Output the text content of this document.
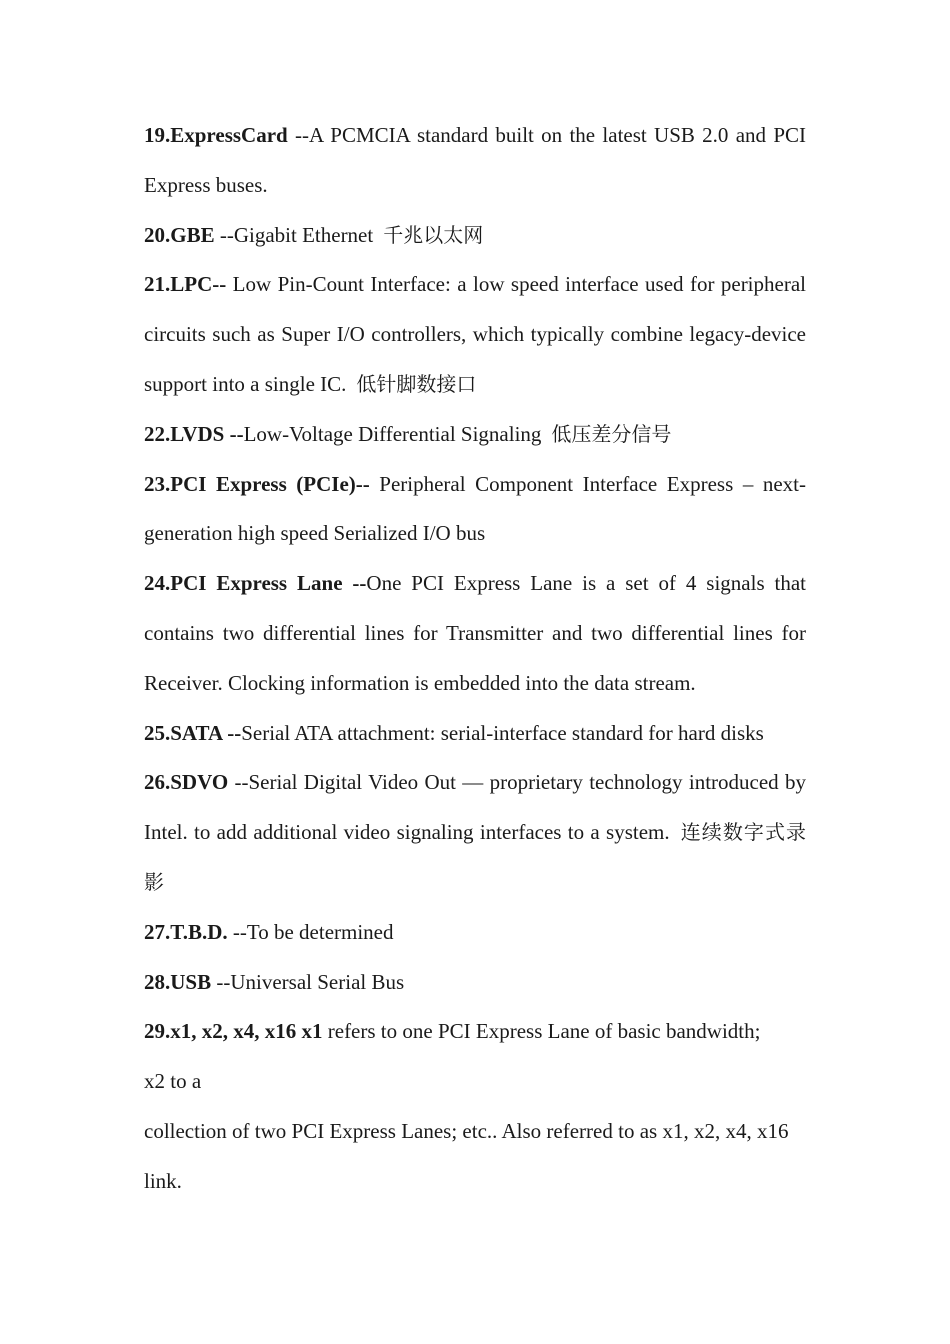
19.ExpressCard --A PCMCIA standard built on the latest USB 2.0 and PCI Express buses.

20.GBE --Gigabit Ethernet 千兆以太网

21.LPC-- Low Pin-Count Interface: a low speed interface used for peripheral circuits such as Super I/O controllers, which typically combine legacy-device support into a single IC. 低针脚数接口

22.LVDS --Low-Voltage Differential Signaling 低压差分信号

23.PCI Express (PCIe)-- Peripheral Component Interface Express – next-generation high speed Serialized I/O bus

24.PCI Express Lane --One PCI Express Lane is a set of 4 signals that contains two differential lines for Transmitter and two differential lines for Receiver. Clocking information is embedded into the data stream.

25.SATA --Serial ATA attachment: serial-interface standard for hard disks

26.SDVO --Serial Digital Video Out — proprietary technology introduced by Intel. to add additional video signaling interfaces to a system. 连续数字式录影

27.T.B.D. --To be determined

28.USB --Universal Serial Bus

29.x1, x2, x4, x16 x1 refers to one PCI Express Lane of basic bandwidth;

x2 to a

collection of two PCI Express Lanes; etc.. Also referred to as x1, x2, x4, x16 link.
